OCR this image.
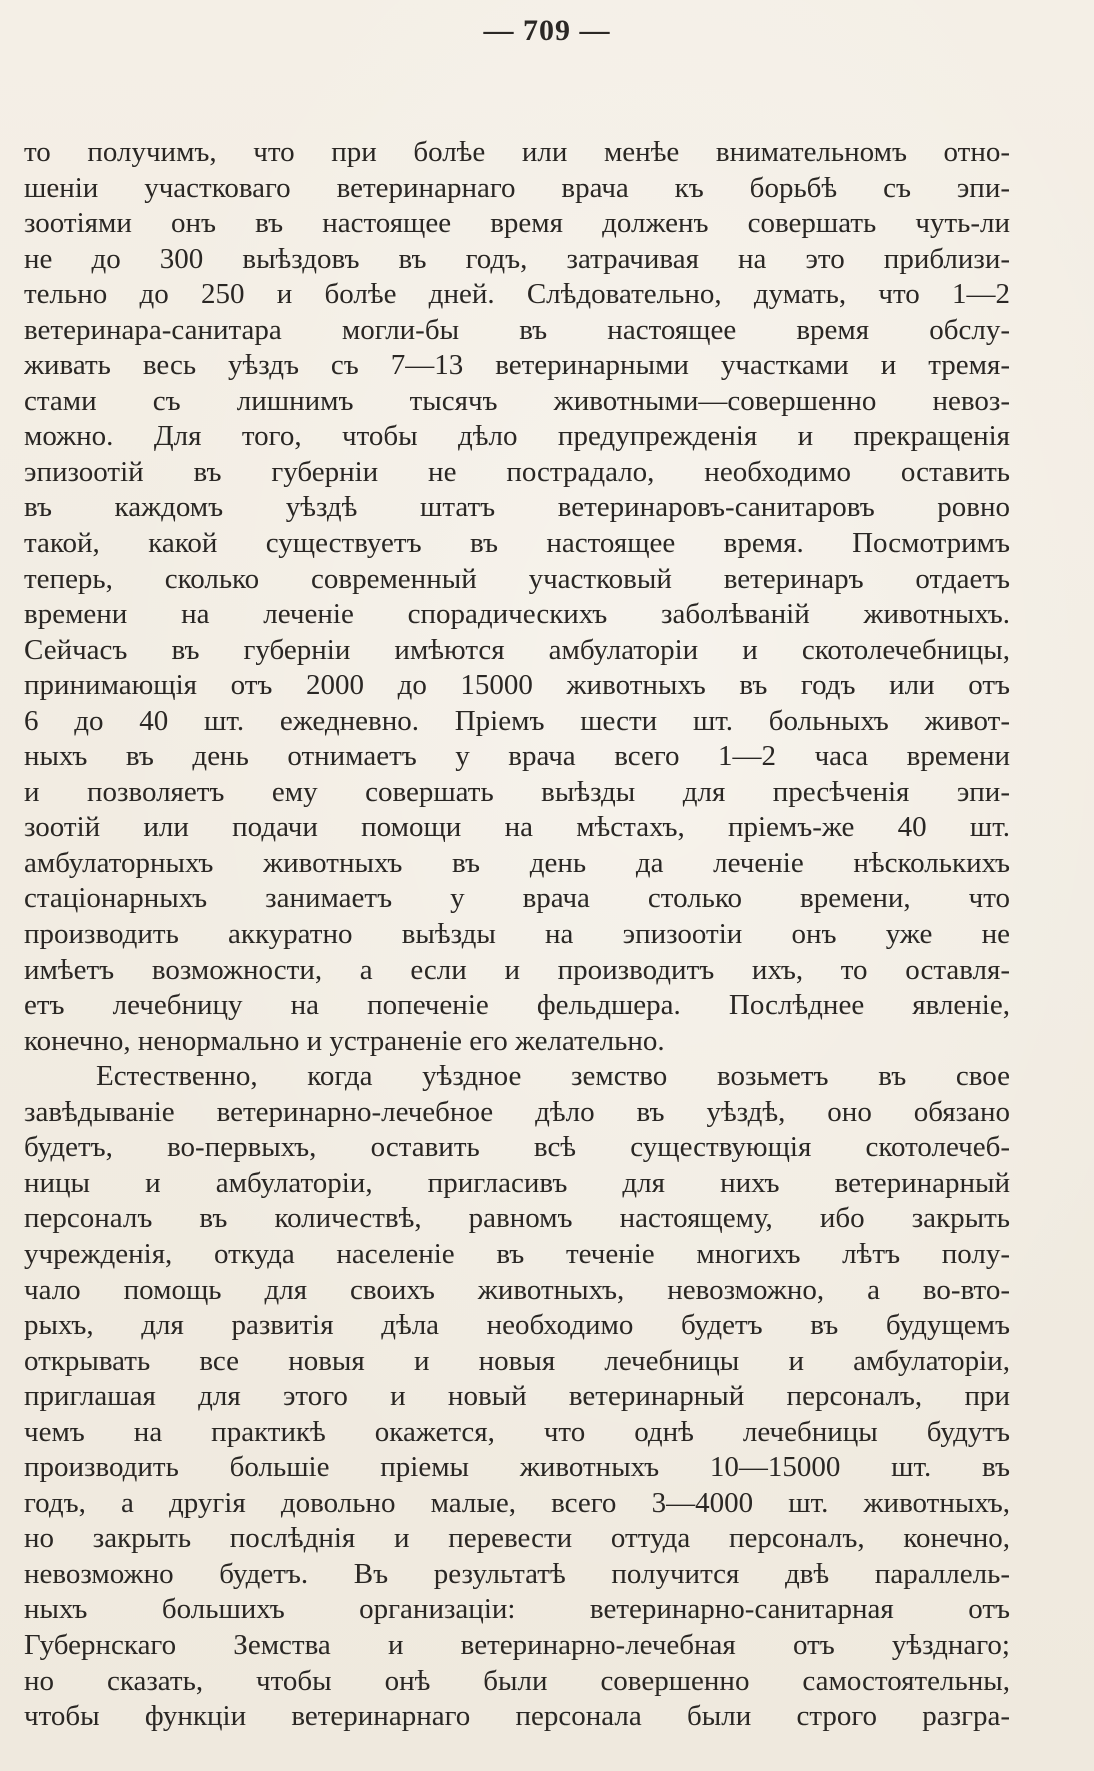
— 709 —
то получимъ, что при болѣе или менѣе внимательномъ отно-
шеніи участковаго ветеринарнаго врача къ борьбѣ съ эпи-
зоотіями онъ въ настоящее время долженъ совершать чуть-ли
не до 300 выѣздовъ въ годъ, затрачивая на это приблизи-
тельно до 250 и болѣе дней. Слѣдовательно, думать, что 1—2
ветеринара-санитара могли-бы въ настоящее время обслу-
живать весь уѣздъ съ 7—13 ветеринарными участками и тремя-
стами съ лишнимъ тысячъ животными—совершенно невоз-
можно. Для того, чтобы дѣло предупрежденія и прекращенія
эпизоотій въ губерніи не пострадало, необходимо оставить
въ каждомъ уѣздѣ штатъ ветеринаровъ-санитаровъ ровно
такой, какой существуетъ въ настоящее время. Посмотримъ
теперь, сколько современный участковый ветеринаръ отдаетъ
времени на леченіе спорадическихъ заболѣваній животныхъ.
Сейчасъ въ губерніи имѣются амбулаторіи и скотолечебницы,
принимающія отъ 2000 до 15000 животныхъ въ годъ или отъ
6 до 40 шт. ежедневно. Пріемъ шести шт. больныхъ живот-
ныхъ въ день отнимаетъ у врача всего 1—2 часа времени
и позволяетъ ему совершать выѣзды для пресѣченія эпи-
зоотій или подачи помощи на мѣстахъ, пріемъ-же 40 шт.
амбулаторныхъ животныхъ въ день да леченіе нѣсколькихъ
стаціонарныхъ занимаетъ у врача столько времени, что
производить аккуратно выѣзды на эпизоотіи онъ уже не
имѣетъ возможности, а если и производитъ ихъ, то оставля-
етъ лечебницу на попеченіе фельдшера. Послѣднее явленіе,
конечно, ненормально и устраненіе его желательно.
Естественно, когда уѣздное земство возьметъ въ свое
завѣдываніе ветеринарно-лечебное дѣло въ уѣздѣ, оно обязано
будетъ, во-первыхъ, оставить всѣ существующія скотолечеб-
ницы и амбулаторіи, пригласивъ для нихъ ветеринарный
персоналъ въ количествѣ, равномъ настоящему, ибо закрыть
учрежденія, откуда населеніе въ теченіе многихъ лѣтъ полу-
чало помощь для своихъ животныхъ, невозможно, а во-вто-
рыхъ, для развитія дѣла необходимо будетъ въ будущемъ
открывать все новыя и новыя лечебницы и амбулаторіи,
приглашая для этого и новый ветеринарный персоналъ, при
чемъ на практикѣ окажется, что однѣ лечебницы будутъ
производить большіе пріемы животныхъ 10—15000 шт. въ
годъ, а другія довольно малые, всего 3—4000 шт. животныхъ,
но закрыть послѣднія и перевести оттуда персоналъ, конечно,
невозможно будетъ. Въ результатѣ получится двѣ параллель-
ныхъ большихъ организаціи: ветеринарно-санитарная отъ
Губернскаго Земства и ветеринарно-лечебная отъ уѣзднаго;
но сказать, чтобы онѣ были совершенно самостоятельны,
чтобы функціи ветеринарнаго персонала были строго разгра-
